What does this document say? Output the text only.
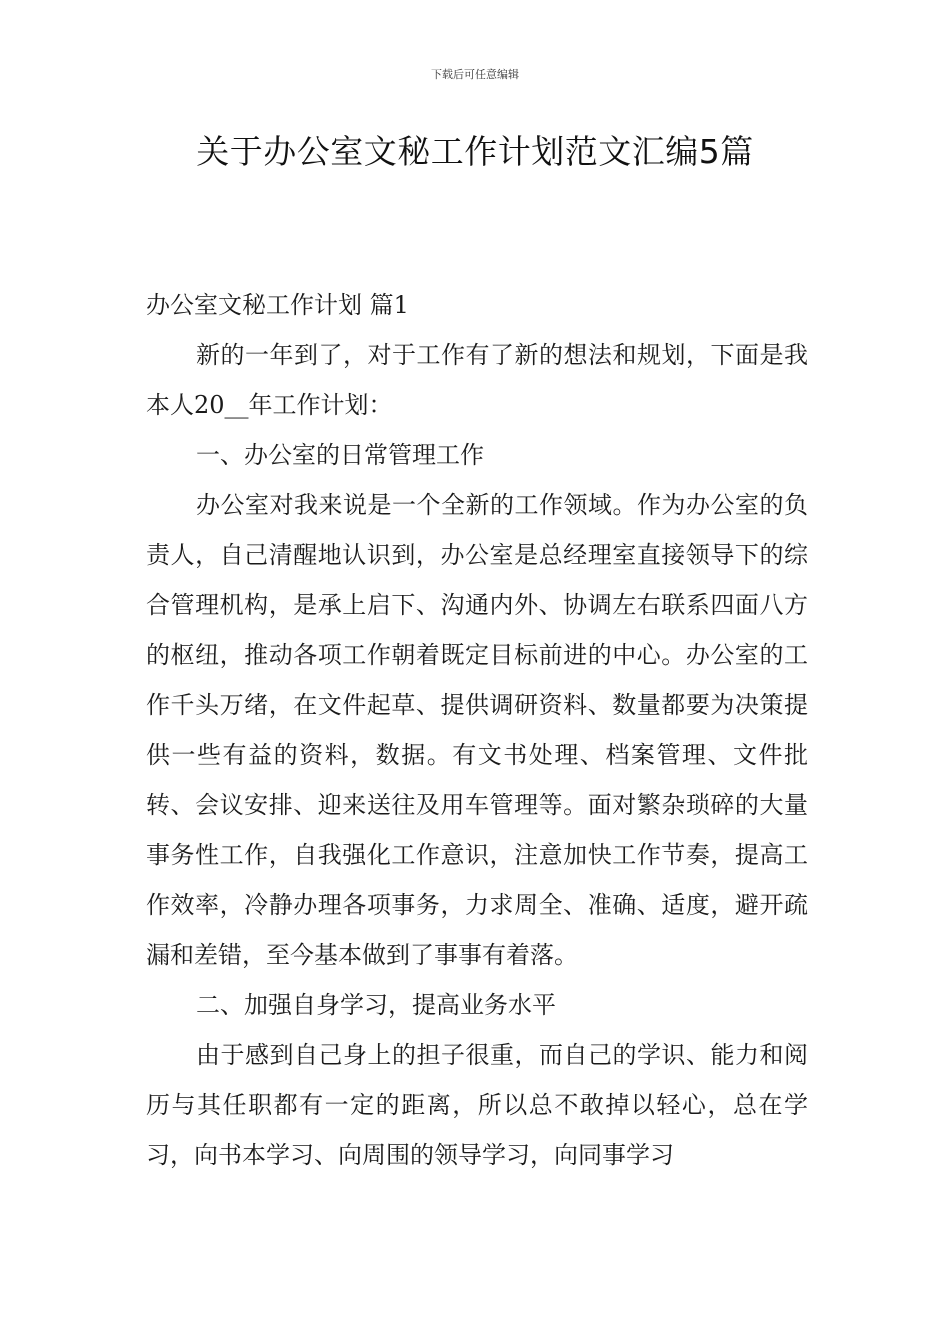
下载后可任意编辑
关于办公室文秘工作计划范文汇编5篇

办公室文秘工作计划 篇1

新的一年到了，对于工作有了新的想法和规划，下面是我本人20__年工作计划：

一、办公室的日常管理工作

办公室对我来说是一个全新的工作领域。作为办公室的负责人，自己清醒地认识到，办公室是总经理室直接领导下的综合管理机构，是承上启下、沟通内外、协调左右联系四面八方的枢纽，推动各项工作朝着既定目标前进的中心。办公室的工作千头万绪，在文件起草、提供调研资料、数量都要为决策提供一些有益的资料，数据。有文书处理、档案管理、文件批转、会议安排、迎来送往及用车管理等。面对繁杂琐碎的大量事务性工作，自我强化工作意识，注意加快工作节奏，提高工作效率，冷静办理各项事务，力求周全、准确、适度，避开疏漏和差错，至今基本做到了事事有着落。

二、加强自身学习，提高业务水平

由于感到自己身上的担子很重，而自己的学识、能力和阅历与其任职都有一定的距离，所以总不敢掉以轻心，总在学习，向书本学习、向周围的领导学习，向同事学习
